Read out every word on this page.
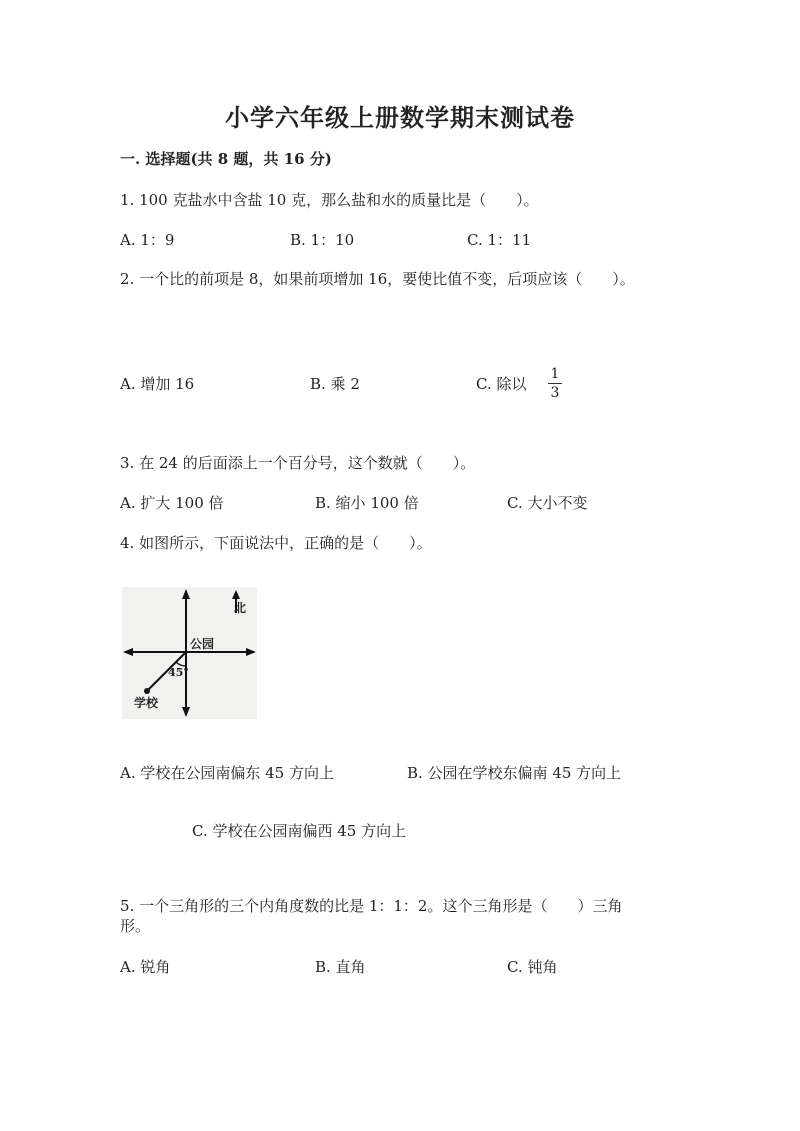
小学六年级上册数学期末测试卷
一. 选择题(共 8 题，共 16 分)
1. 100 克盐水中含盐 10 克，那么盐和水的质量比是（　　）。
A. 1：9	B. 1：10	C. 1：11
2. 一个比的前项是 8，如果前项增加 16，要使比值不变，后项应该（　　）。
A. 增加 16	B. 乘 2	C. 除以
1
3
3. 在 24 的后面添上一个百分号，这个数就（　　）。
A. 扩大 100 倍	B. 缩小 100 倍	C. 大小不变
4. 如图所示，下面说法中，正确的是（　　）。
北
公园
45°
学校
A. 学校在公园南偏东 45 方向上	B. 公园在学校东偏南 45 方向上
C. 学校在公园南偏西 45 方向上
5. 一个三角形的三个内角度数的比是 1：1：2。这个三角形是（　　）三角
形。
A. 锐角	B. 直角	C. 钝角
